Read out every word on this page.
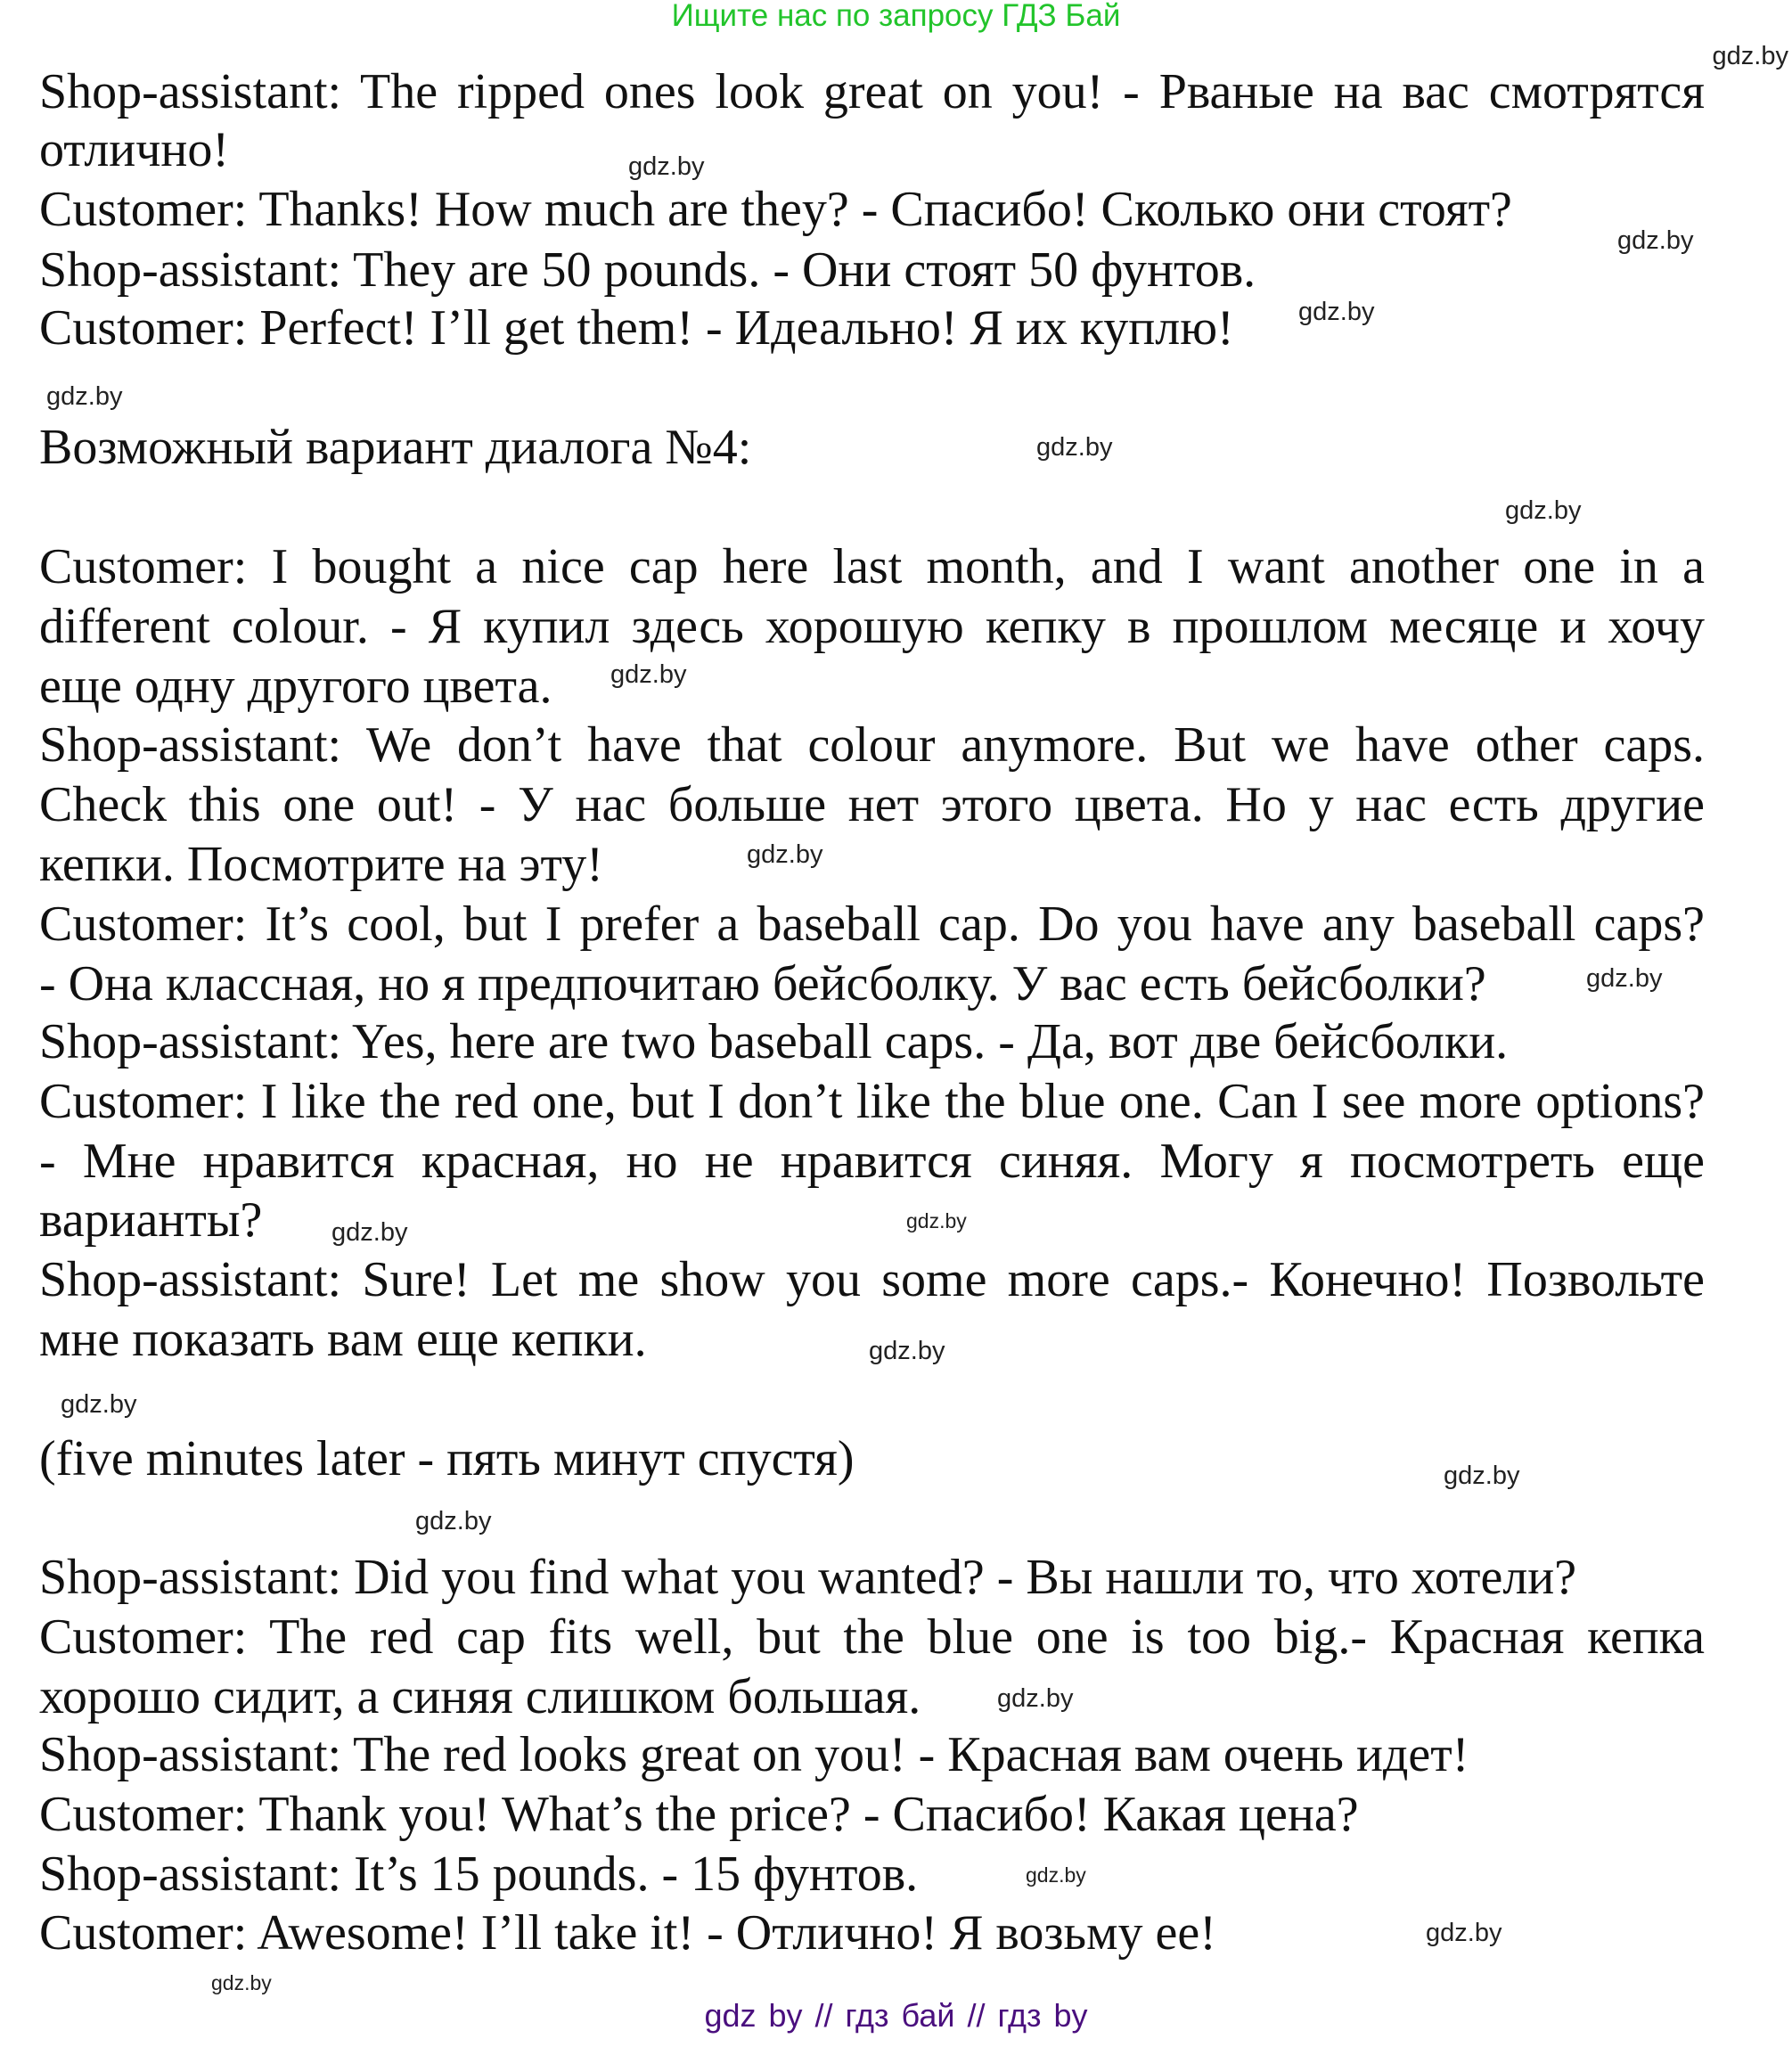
Ищите нас по запросу ГДЗ Бай
Shop-assistant: The ripped ones look great on you! - Рваные на вас смотрятся
отлично!
Customer: Thanks! How much are they? - Спасибо! Сколько они стоят?
Shop-assistant: They are 50 pounds. - Они стоят 50 фунтов.
Customer: Perfect! I’ll get them! - Идеально! Я их куплю!
Возможный вариант диалога №4:
Customer: I bought a nice cap here last month, and I want another one in a
different colour. - Я купил здесь хорошую кепку в прошлом месяце и хочу
еще одну другого цвета.
Shop-assistant: We don’t have that colour anymore. But we have other caps.
Check this one out! - У нас больше нет этого цвета. Но у нас есть другие
кепки. Посмотрите на эту!
Customer: It’s cool, but I prefer a baseball cap. Do you have any baseball caps?
- Она классная, но я предпочитаю бейсболку. У вас есть бейсболки?
Shop-assistant: Yes, here are two baseball caps. - Да, вот две бейсболки.
Customer: I like the red one, but I don’t like the blue one. Can I see more options?
- Мне нравится красная, но не нравится синяя. Могу я посмотреть еще
варианты?
Shop-assistant: Sure! Let me show you some more caps.- Конечно! Позвольте
мне показать вам еще кепки.
(five minutes later - пять минут спустя)
Shop-assistant: Did you find what you wanted? - Вы нашли то, что хотели?
Customer: The red cap fits well, but the blue one is too big.- Красная кепка
хорошо сидит, а синяя слишком большая.
Shop-assistant: The red looks great on you! - Красная вам очень идет!
Customer: Thank you! What’s the price? - Спасибо! Какая цена?
Shop-assistant: It’s 15 pounds. - 15 фунтов.
Customer: Awesome! I’ll take it! - Отлично! Я возьму ее!
gdz by // гдз бай // гдз by
gdz.by
gdz.by
gdz.by
gdz.by
gdz.by
gdz.by
gdz.by
gdz.by
gdz.by
gdz.by
gdz.by
gdz.by
gdz.by
gdz.by
gdz.by
gdz.by
gdz.by
gdz.by
gdz.by
gdz.by
